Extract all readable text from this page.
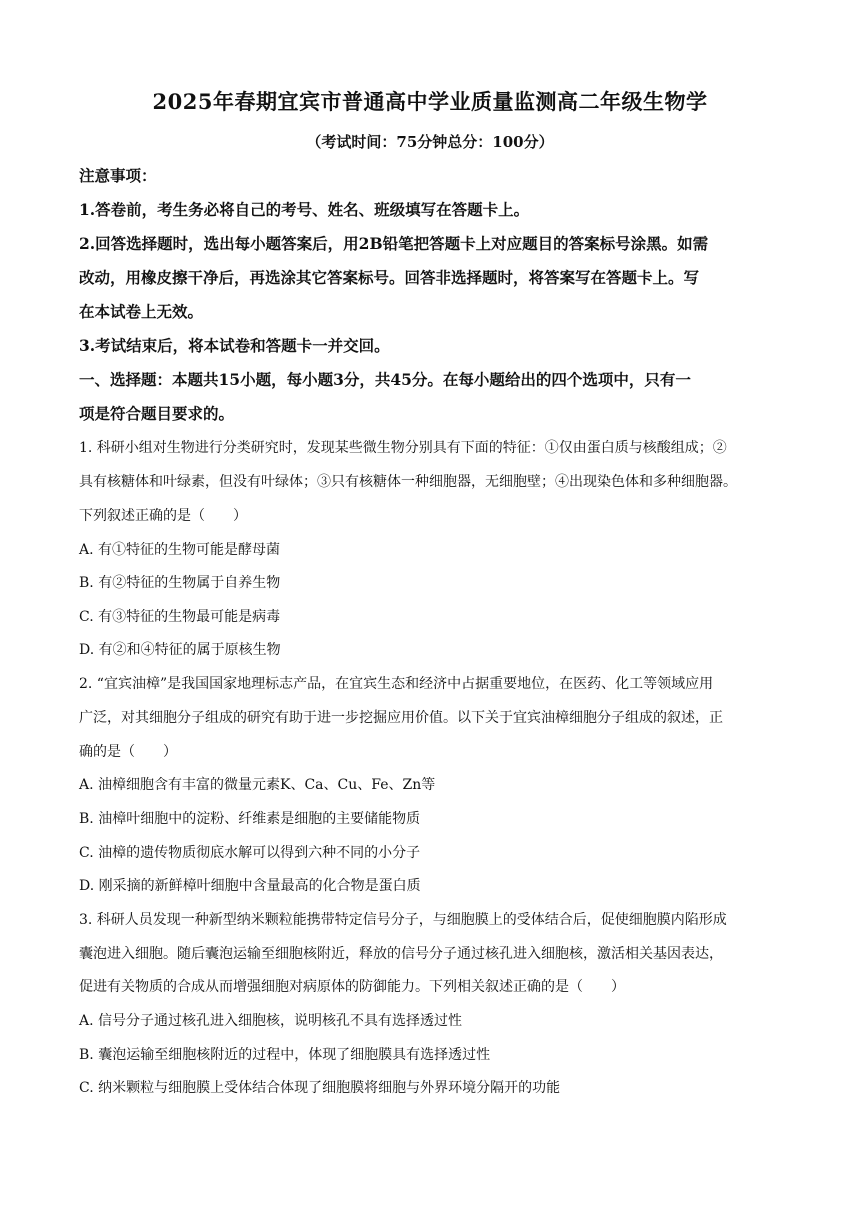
2025年春期宜宾市普通高中学业质量监测高二年级生物学
（考试时间：75分钟总分：100分）
注意事项：
1.答卷前，考生务必将自己的考号、姓名、班级填写在答题卡上。
2.回答选择题时，选出每小题答案后，用2B铅笔把答题卡上对应题目的答案标号涂黑。如需
改动，用橡皮擦干净后，再选涂其它答案标号。回答非选择题时，将答案写在答题卡上。写
在本试卷上无效。
3.考试结束后，将本试卷和答题卡一并交回。
一、选择题：本题共15小题，每小题3分，共45分。在每小题给出的四个选项中，只有一
项是符合题目要求的。
1. 科研小组对生物进行分类研究时，发现某些微生物分别具有下面的特征：①仅由蛋白质与核酸组成；②
具有核糖体和叶绿素，但没有叶绿体；③只有核糖体一种细胞器，无细胞壁；④出现染色体和多种细胞器。
下列叙述正确的是（　　）
A. 有①特征的生物可能是酵母菌
B. 有②特征的生物属于自养生物
C. 有③特征的生物最可能是病毒
D. 有②和④特征的属于原核生物
2. “宜宾油樟”是我国国家地理标志产品，在宜宾生态和经济中占据重要地位，在医药、化工等领域应用
广泛，对其细胞分子组成的研究有助于进一步挖掘应用价值。以下关于宜宾油樟细胞分子组成的叙述，正
确的是（　　）
A. 油樟细胞含有丰富的微量元素K、Ca、Cu、Fe、Zn等
B. 油樟叶细胞中的淀粉、纤维素是细胞的主要储能物质
C. 油樟的遗传物质彻底水解可以得到六种不同的小分子
D. 刚采摘的新鲜樟叶细胞中含量最高的化合物是蛋白质
3. 科研人员发现一种新型纳米颗粒能携带特定信号分子，与细胞膜上的受体结合后，促使细胞膜内陷形成
囊泡进入细胞。随后囊泡运输至细胞核附近，释放的信号分子通过核孔进入细胞核，激活相关基因表达，
促进有关物质的合成从而增强细胞对病原体的防御能力。下列相关叙述正确的是（　　）
A. 信号分子通过核孔进入细胞核，说明核孔不具有选择透过性
B. 囊泡运输至细胞核附近的过程中，体现了细胞膜具有选择透过性
C. 纳米颗粒与细胞膜上受体结合体现了细胞膜将细胞与外界环境分隔开的功能
